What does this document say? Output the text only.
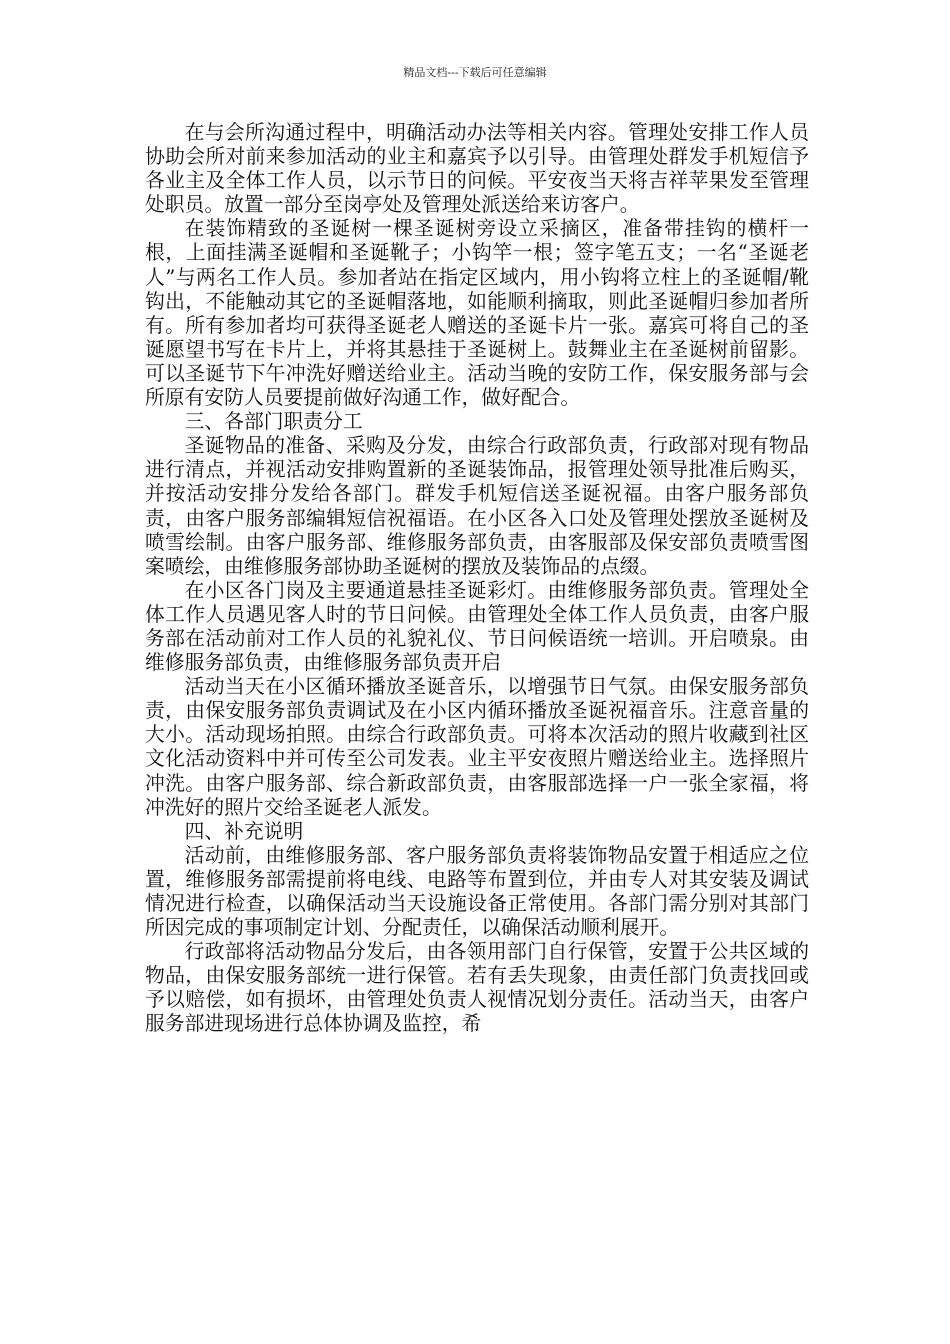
精品文档---下载后可任意编辑

在与会所沟通过程中，明确活动办法等相关内容。管理处安排工作人员协助会所对前来参加活动的业主和嘉宾予以引导。由管理处群发手机短信予各业主及全体工作人员，以示节日的问候。平安夜当天将吉祥苹果发至管理处职员。放置一部分至岗亭处及管理处派送给来访客户。

在装饰精致的圣诞树一棵圣诞树旁设立采摘区，准备带挂钩的横杆一根，上面挂满圣诞帽和圣诞靴子；小钩竿一根；签字笔五支；一名“圣诞老人”与两名工作人员。参加者站在指定区域内，用小钩将立柱上的圣诞帽/靴钩出，不能触动其它的圣诞帽落地，如能顺利摘取，则此圣诞帽归参加者所有。所有参加者均可获得圣诞老人赠送的圣诞卡片一张。嘉宾可将自己的圣诞愿望书写在卡片上，并将其悬挂于圣诞树上。鼓舞业主在圣诞树前留影。可以圣诞节下午冲洗好赠送给业主。活动当晚的安防工作，保安服务部与会所原有安防人员要提前做好沟通工作，做好配合。

三、各部门职责分工

圣诞物品的准备、采购及分发，由综合行政部负责，行政部对现有物品进行清点，并视活动安排购置新的圣诞装饰品，报管理处领导批准后购买，并按活动安排分发给各部门。群发手机短信送圣诞祝福。由客户服务部负责，由客户服务部编辑短信祝福语。在小区各入口处及管理处摆放圣诞树及喷雪绘制。由客户服务部、维修服务部负责，由客服部及保安部负责喷雪图案喷绘，由维修服务部协助圣诞树的摆放及装饰品的点缀。

在小区各门岗及主要通道悬挂圣诞彩灯。由维修服务部负责。管理处全体工作人员遇见客人时的节日问候。由管理处全体工作人员负责，由客户服务部在活动前对工作人员的礼貌礼仪、节日问候语统一培训。开启喷泉。由维修服务部负责，由维修服务部负责开启

活动当天在小区循环播放圣诞音乐，以增强节日气氛。由保安服务部负责，由保安服务部负责调试及在小区内循环播放圣诞祝福音乐。注意音量的大小。活动现场拍照。由综合行政部负责。可将本次活动的照片收藏到社区文化活动资料中并可传至公司发表。业主平安夜照片赠送给业主。选择照片冲洗。由客户服务部、综合新政部负责，由客服部选择一户一张全家福，将冲洗好的照片交给圣诞老人派发。

四、补充说明

活动前，由维修服务部、客户服务部负责将装饰物品安置于相适应之位置，维修服务部需提前将电线、电路等布置到位，并由专人对其安装及调试情况进行检查，以确保活动当天设施设备正常使用。各部门需分别对其部门所因完成的事项制定计划、分配责任，以确保活动顺利展开。

行政部将活动物品分发后，由各领用部门自行保管，安置于公共区域的物品，由保安服务部统一进行保管。若有丢失现象，由责任部门负责找回或予以赔偿，如有损坏，由管理处负责人视情况划分责任。活动当天，由客户服务部进现场进行总体协调及监控，希
